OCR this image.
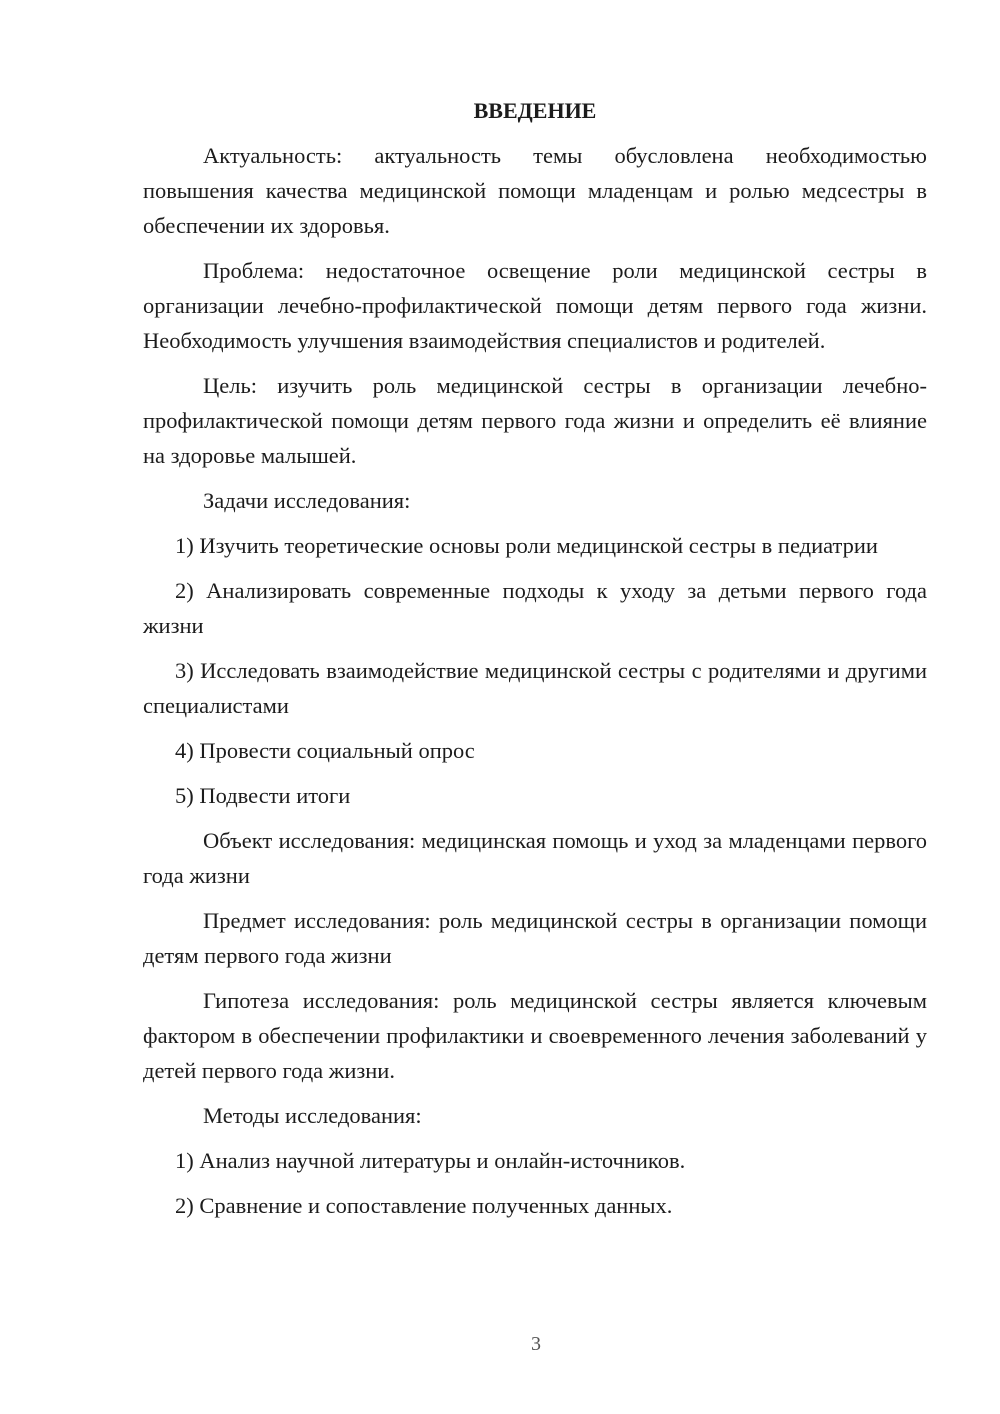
ВВЕДЕНИЕ

Актуальность: актуальность темы обусловлена необходимостью повышения качества медицинской помощи младенцам и ролью медсестры в обеспечении их здоровья.

Проблема: недостаточное освещение роли медицинской сестры в организации лечебно-профилактической помощи детям первого года жизни. Необходимость улучшения взаимодействия специалистов и родителей.

Цель: изучить роль медицинской сестры в организации лечебно-профилактической помощи детям первого года жизни и определить её влияние на здоровье малышей.

Задачи исследования:

1) Изучить теоретические основы роли медицинской сестры в педиатрии

2) Анализировать современные подходы к уходу за детьми первого года жизни

3) Исследовать взаимодействие медицинской сестры с родителями и другими специалистами

4) Провести социальный опрос

5) Подвести итоги

Объект исследования: медицинская помощь и уход за младенцами первого года жизни

Предмет исследования: роль медицинской сестры в организации помощи детям первого года жизни

Гипотеза исследования: роль медицинской сестры является ключевым фактором в обеспечении профилактики и своевременного лечения заболеваний у детей первого года жизни.

Методы исследования:

1) Анализ научной литературы и онлайн-источников.

2) Сравнение и сопоставление полученных данных.

3
